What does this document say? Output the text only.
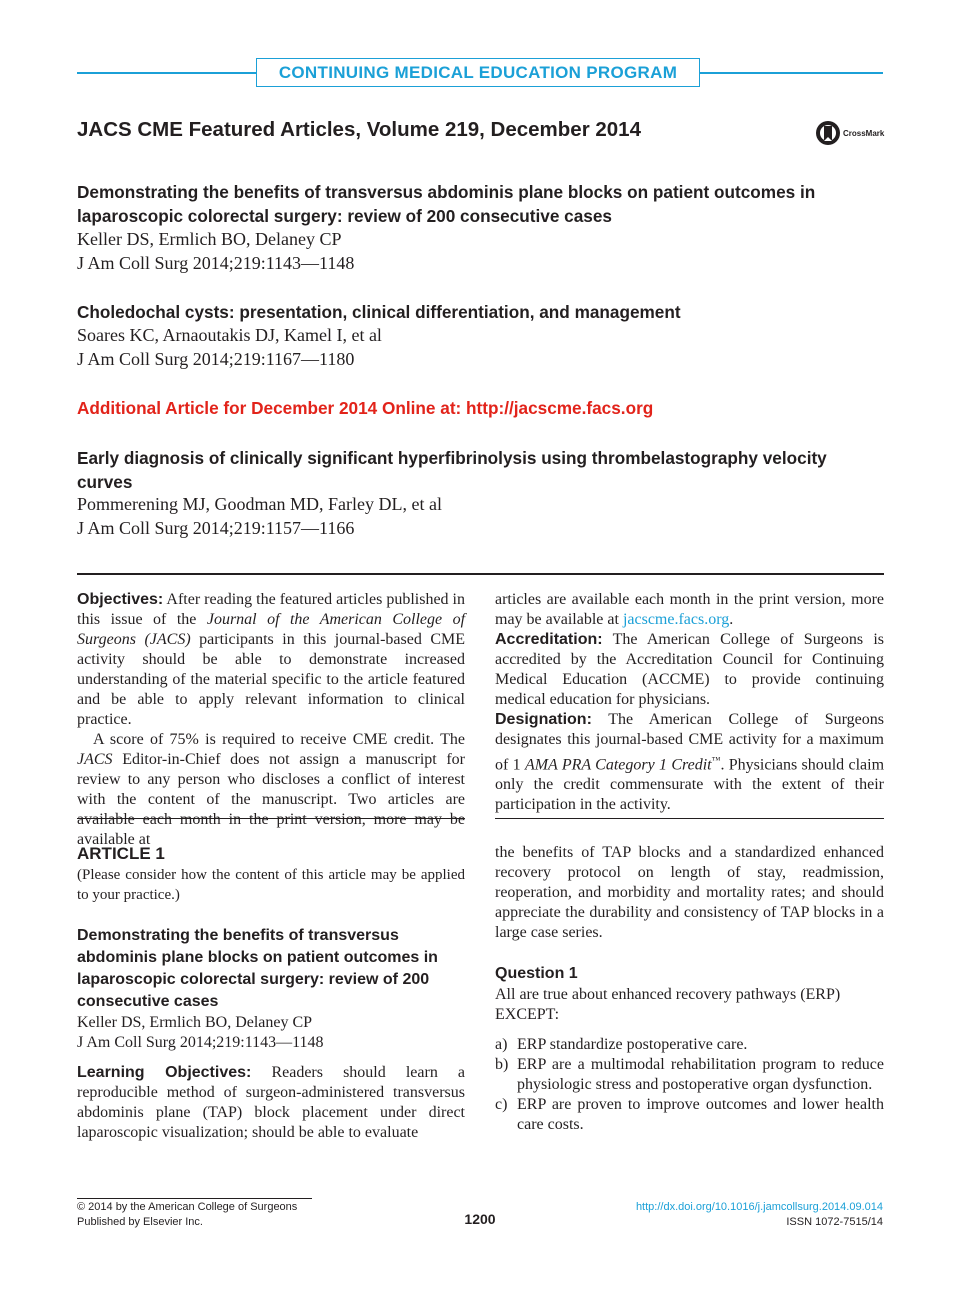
CONTINUING MEDICAL EDUCATION PROGRAM
JACS CME Featured Articles, Volume 219, December 2014	CrossMark
Demonstrating the benefits of transversus abdominis plane blocks on patient outcomes in
laparoscopic colorectal surgery: review of 200 consecutive cases
Keller DS, Ermlich BO, Delaney CP
J Am Coll Surg 2014;219:1143—1148
Choledochal cysts: presentation, clinical differentiation, and management
Soares KC, Arnaoutakis DJ, Kamel I, et al
J Am Coll Surg 2014;219:1167—1180
Additional Article for December 2014 Online at: http://jacscme.facs.org
Early diagnosis of clinically significant hyperfibrinolysis using thrombelastography velocity
curves
Pommerening MJ, Goodman MD, Farley DL, et al
J Am Coll Surg 2014;219:1157—1166

Objectives: After reading the featured articles published in this issue of the Journal of the American College of Surgeons (JACS) participants in this journal-based CME activity should be able to demonstrate increased understanding of the material specific to the article featured and be able to apply relevant information to clinical practice.

A score of 75% is required to receive CME credit. The JACS Editor-in-Chief does not assign a manuscript for review to any person who discloses a conflict of interest with the content of the manuscript. Two articles are available each month in the print version, more may be available at

articles are available each month in the print version, more may be available at jacscme.facs.org.

Accreditation: The American College of Surgeons is accredited by the Accreditation Council for Continuing Medical Education (ACCME) to provide continuing medical education for physicians.

Designation: The American College of Surgeons designates this journal-based CME activity for a maximum of 1 AMA PRA Category 1 Credit™. Physicians should claim only the credit commensurate with the extent of their participation in the activity.

ARTICLE 1

(Please consider how the content of this article may be applied to your practice.)

Demonstrating the benefits of transversus abdominis plane blocks on patient outcomes in laparoscopic colorectal surgery: review of 200 consecutive cases

Keller DS, Ermlich BO, Delaney CP

J Am Coll Surg 2014;219:1143—1148

Learning Objectives: Readers should learn a reproducible method of surgeon-administered transversus abdominis plane (TAP) block placement under direct laparoscopic visualization; should be able to evaluate

the benefits of TAP blocks and a standardized enhanced recovery protocol on length of stay, readmission, reoperation, and morbidity and mortality rates; and should appreciate the durability and consistency of TAP blocks in a large case series.

Question 1

All are true about enhanced recovery pathways (ERP) EXCEPT:

a) ERP standardize postoperative care.
b) ERP are a multimodal rehabilitation program to reduce physiologic stress and postoperative organ dysfunction.
c) ERP are proven to improve outcomes and lower health care costs.
© 2014 by the American College of Surgeons
Published by Elsevier Inc.	1200
http://dx.doi.org/10.1016/j.jamcollsurg.2014.09.014
ISSN 1072-7515/14
